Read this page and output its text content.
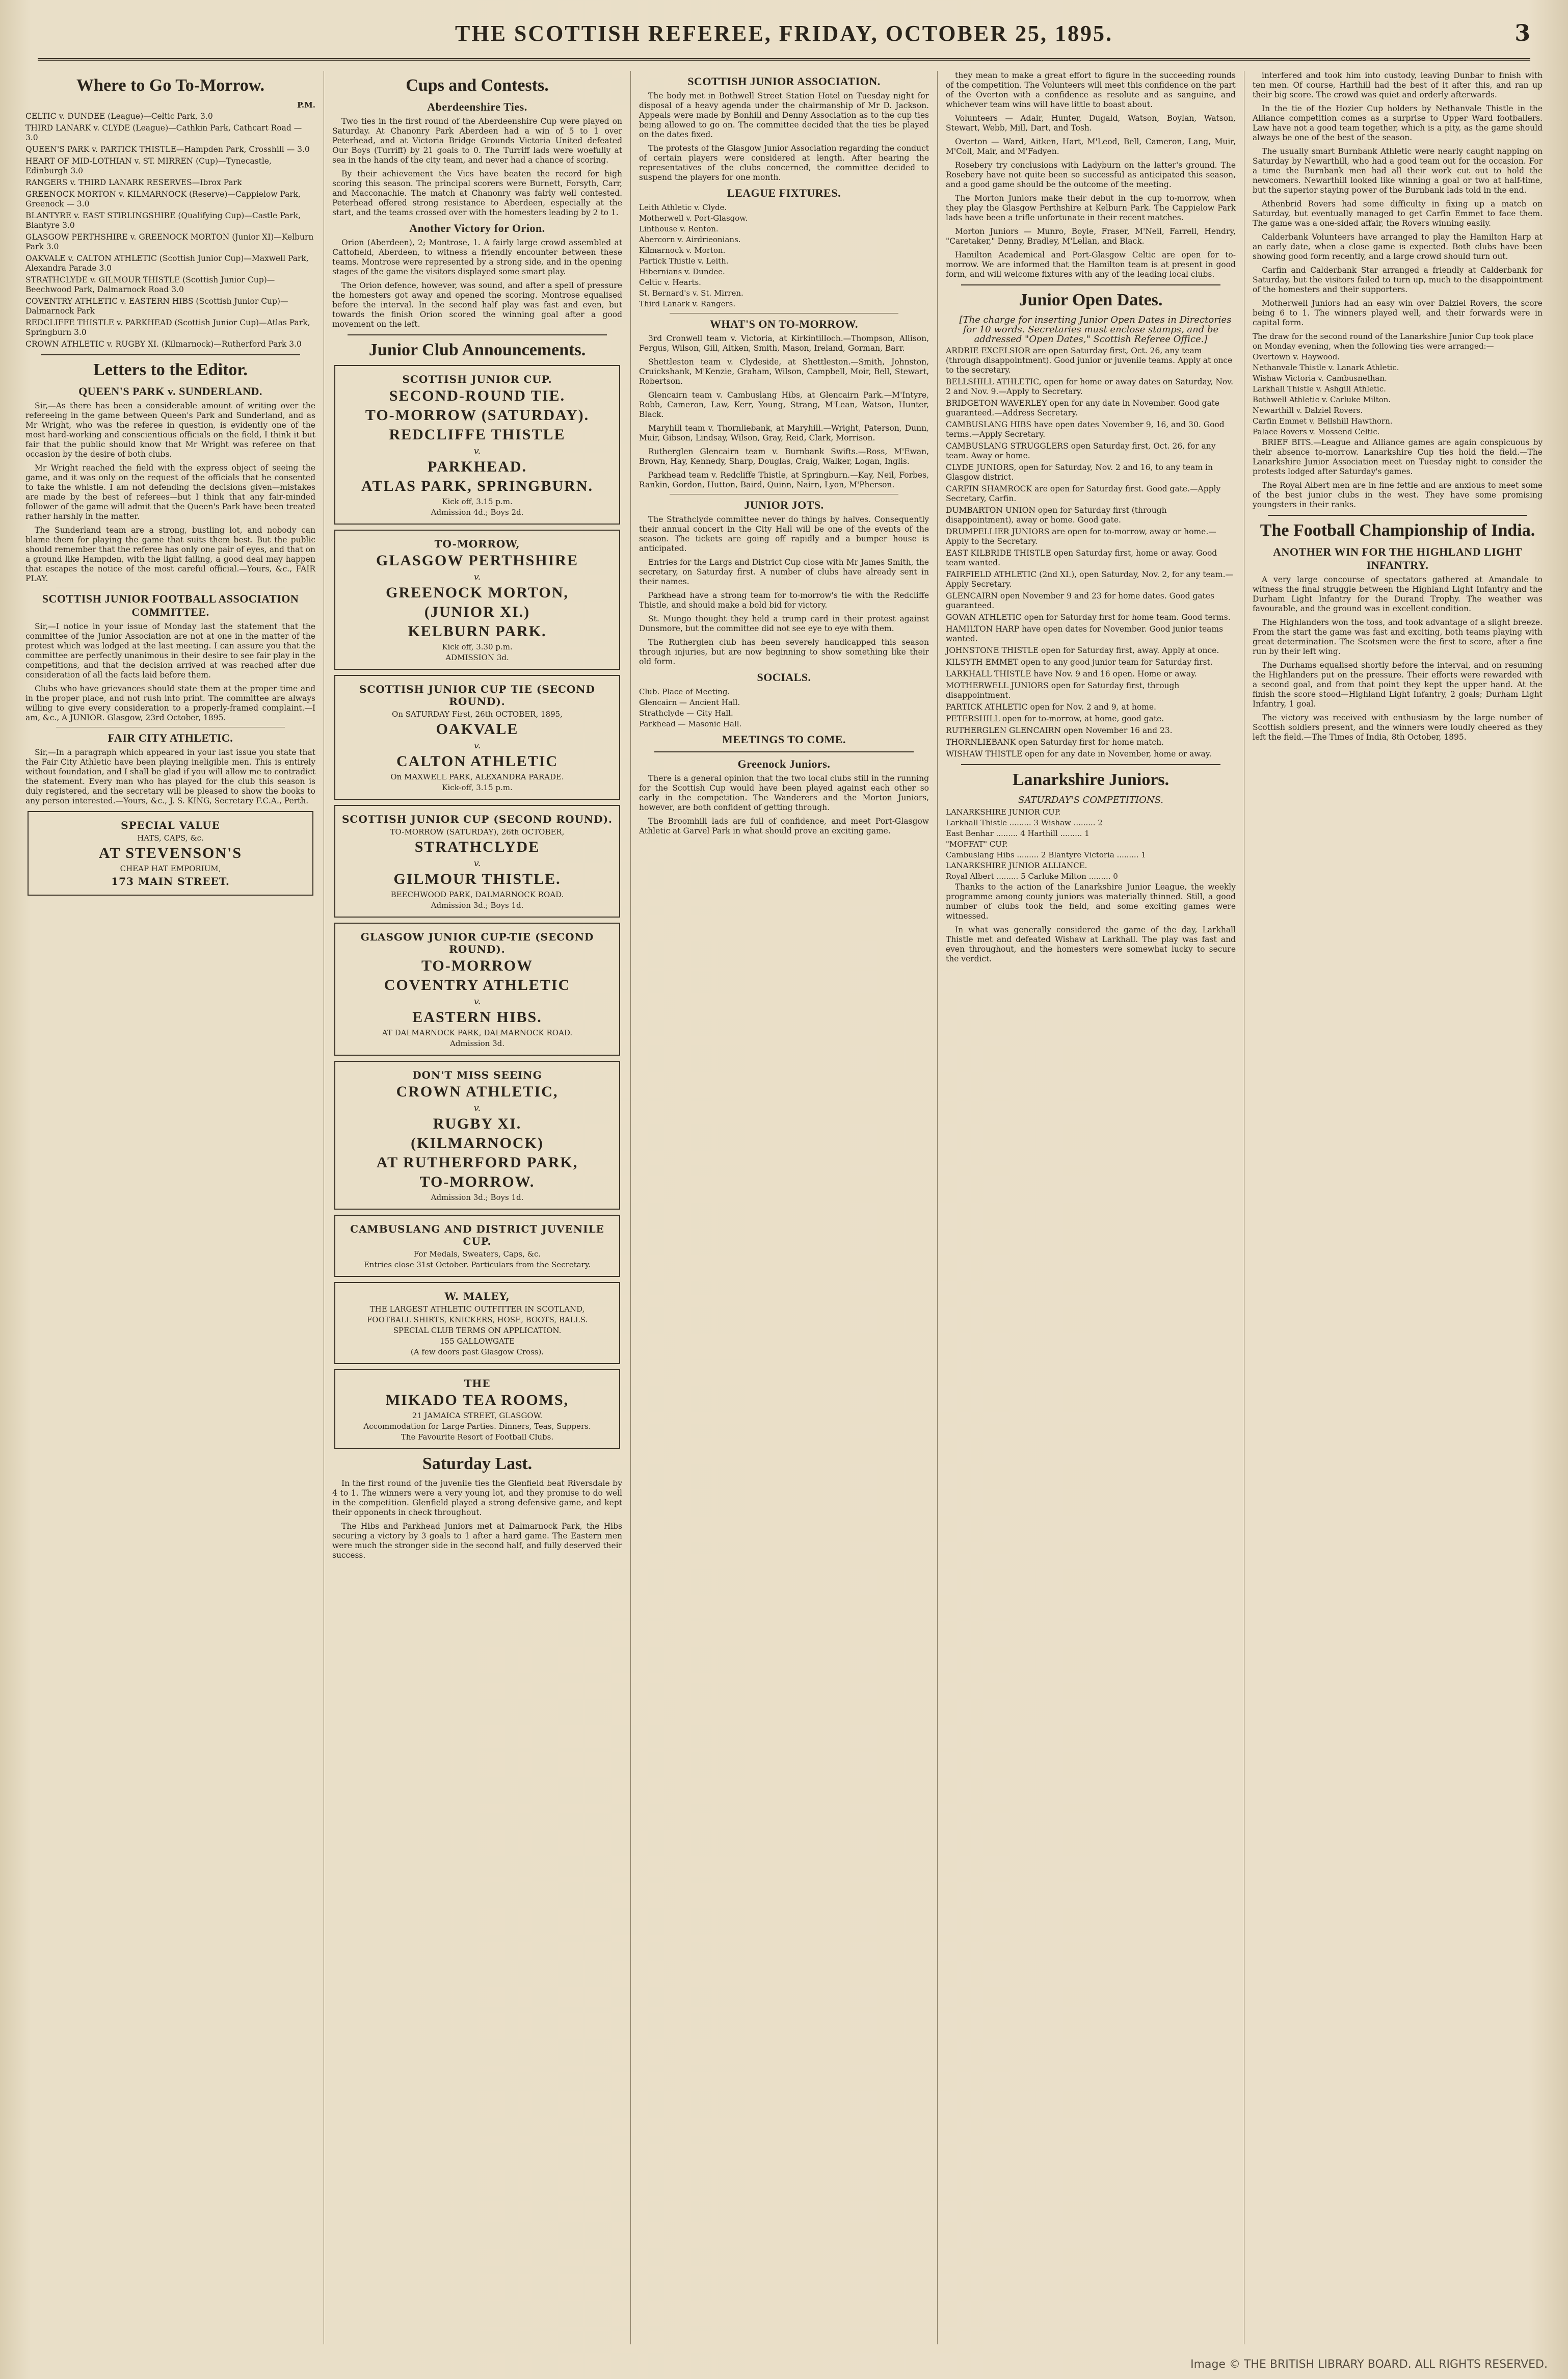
THE SCOTTISH REFEREE, FRIDAY, OCTOBER 25, 1895.	3
Where to Go To-Morrow.
P.M.
CELTIC v. DUNDEE (League)—Celtic Park, 3.0
THIRD LANARK v. CLYDE (League)—Cathkin Park, Cathcart Road — 3.0
QUEEN'S PARK v. PARTICK THISTLE—Hampden Park, Crosshill — 3.0
HEART OF MID-LOTHIAN v. ST. MIRREN (Cup)—Tynecastle, Edinburgh 3.0
RANGERS v. THIRD LANARK RESERVES—Ibrox Park
GREENOCK MORTON v. KILMARNOCK (Reserve)—Cappielow Park, Greenock — 3.0
BLANTYRE v. EAST STIRLINGSHIRE (Qualifying Cup)—Castle Park, Blantyre 3.0
GLASGOW PERTHSHIRE v. GREENOCK MORTON (Junior XI)—Kelburn Park 3.0
OAKVALE v. CALTON ATHLETIC (Scottish Junior Cup)—Maxwell Park, Alexandra Parade 3.0
STRATHCLYDE v. GILMOUR THISTLE (Scottish Junior Cup)—Beechwood Park, Dalmarnock Road 3.0
COVENTRY ATHLETIC v. EASTERN HIBS (Scottish Junior Cup)—Dalmarnock Park
REDCLIFFE THISTLE v. PARKHEAD (Scottish Junior Cup)—Atlas Park, Springburn 3.0
CROWN ATHLETIC v. RUGBY XI. (Kilmarnock)—Rutherford Park 3.0
Letters to the Editor.
QUEEN'S PARK v. SUNDERLAND.

Sir,—As there has been a considerable amount of writing over the refereeing in the game between Queen's Park and Sunderland, and as Mr Wright, who was the referee in question, is evidently one of the most hard-working and conscientious officials on the field, I think it but fair that the public should know that Mr Wright was referee on that occasion by the desire of both clubs.

Mr Wright reached the field with the express object of seeing the game, and it was only on the request of the officials that he consented to take the whistle. I am not defending the decisions given—mistakes are made by the best of referees—but I think that any fair-minded follower of the game will admit that the Queen's Park have been treated rather harshly in the matter.

The Sunderland team are a strong, bustling lot, and nobody can blame them for playing the game that suits them best. But the public should remember that the referee has only one pair of eyes, and that on a ground like Hampden, with the light failing, a good deal may happen that escapes the notice of the most careful official.—Yours, &c., FAIR PLAY.

SCOTTISH JUNIOR FOOTBALL ASSOCIATION COMMITTEE.

Sir,—I notice in your issue of Monday last the statement that the committee of the Junior Association are not at one in the matter of the protest which was lodged at the last meeting. I can assure you that the committee are perfectly unanimous in their desire to see fair play in the competitions, and that the decision arrived at was reached after due consideration of all the facts laid before them.

Clubs who have grievances should state them at the proper time and in the proper place, and not rush into print. The committee are always willing to give every consideration to a properly-framed complaint.—I am, &c., A JUNIOR. Glasgow, 23rd October, 1895.

FAIR CITY ATHLETIC.

Sir,—In a paragraph which appeared in your last issue you state that the Fair City Athletic have been playing ineligible men. This is entirely without foundation, and I shall be glad if you will allow me to contradict the statement. Every man who has played for the club this season is duly registered, and the secretary will be pleased to show the books to any person interested.—Yours, &c., J. S. KING, Secretary F.C.A., Perth.

SPECIAL VALUE
HATS, CAPS, &c.
AT STEVENSON'S
CHEAP HAT EMPORIUM,
173 MAIN STREET.
Cups and Contests.
Aberdeenshire Ties.

Two ties in the first round of the Aberdeenshire Cup were played on Saturday. At Chanonry Park Aberdeen had a win of 5 to 1 over Peterhead, and at Victoria Bridge Grounds Victoria United defeated Our Boys (Turriff) by 21 goals to 0. The Turriff lads were woefully at sea in the hands of the city team, and never had a chance of scoring.

By their achievement the Vics have beaten the record for high scoring this season. The principal scorers were Burnett, Forsyth, Carr, and Macconachie. The match at Chanonry was fairly well contested. Peterhead offered strong resistance to Aberdeen, especially at the start, and the teams crossed over with the homesters leading by 2 to 1.

Another Victory for Orion.

Orion (Aberdeen), 2; Montrose, 1. A fairly large crowd assembled at Cattofield, Aberdeen, to witness a friendly encounter between these teams. Montrose were represented by a strong side, and in the opening stages of the game the visitors displayed some smart play.

The Orion defence, however, was sound, and after a spell of pressure the homesters got away and opened the scoring. Montrose equalised before the interval. In the second half play was fast and even, but towards the finish Orion scored the winning goal after a good movement on the left.

Junior Club Announcements.
SCOTTISH JUNIOR CUP.
SECOND-ROUND TIE.
TO-MORROW (SATURDAY).
REDCLIFFE THISTLE
v.
PARKHEAD.
ATLAS PARK, SPRINGBURN.
Kick off, 3.15 p.m.
Admission 4d.; Boys 2d.
TO-MORROW,
GLASGOW PERTHSHIRE
v.
GREENOCK MORTON,
(JUNIOR XI.)
KELBURN PARK.
Kick off, 3.30 p.m.
ADMISSION 3d.
SCOTTISH JUNIOR CUP TIE (SECOND ROUND).
On SATURDAY First, 26th OCTOBER, 1895,
OAKVALE
v.
CALTON ATHLETIC
On MAXWELL PARK, ALEXANDRA PARADE.
Kick-off, 3.15 p.m.
SCOTTISH JUNIOR CUP (SECOND ROUND).
TO-MORROW (SATURDAY), 26th OCTOBER,
STRATHCLYDE
v.
GILMOUR THISTLE.
BEECHWOOD PARK, DALMARNOCK ROAD.
Admission 3d.; Boys 1d.
GLASGOW JUNIOR CUP-TIE (SECOND ROUND).
TO-MORROW
COVENTRY ATHLETIC
v.
EASTERN HIBS.
AT DALMARNOCK PARK, DALMARNOCK ROAD.
Admission 3d.
DON'T MISS SEEING
CROWN ATHLETIC,
v.
RUGBY XI.
(KILMARNOCK)
AT RUTHERFORD PARK,
TO-MORROW.
Admission 3d.; Boys 1d.
CAMBUSLANG AND DISTRICT JUVENILE CUP.
For Medals, Sweaters, Caps, &c.
Entries close 31st October. Particulars from the Secretary.
W. MALEY,
THE LARGEST ATHLETIC OUTFITTER IN SCOTLAND,
FOOTBALL SHIRTS, KNICKERS, HOSE, BOOTS, BALLS.
SPECIAL CLUB TERMS ON APPLICATION.
155 GALLOWGATE
(A few doors past Glasgow Cross).
THE
MIKADO TEA ROOMS,
21 JAMAICA STREET, GLASGOW.
Accommodation for Large Parties. Dinners, Teas, Suppers.
The Favourite Resort of Football Clubs.
Saturday Last.

In the first round of the juvenile ties the Glenfield beat Riversdale by 4 to 1. The winners were a very young lot, and they promise to do well in the competition. Glenfield played a strong defensive game, and kept their opponents in check throughout.

The Hibs and Parkhead Juniors met at Dalmarnock Park, the Hibs securing a victory by 3 goals to 1 after a hard game. The Eastern men were much the stronger side in the second half, and fully deserved their success.

SCOTTISH JUNIOR ASSOCIATION.

The body met in Bothwell Street Station Hotel on Tuesday night for disposal of a heavy agenda under the chairmanship of Mr D. Jackson. Appeals were made by Bonhill and Denny Association as to the cup ties being allowed to go on. The committee decided that the ties be played on the dates fixed.

The protests of the Glasgow Junior Association regarding the conduct of certain players were considered at length. After hearing the representatives of the clubs concerned, the committee decided to suspend the players for one month.

LEAGUE FIXTURES.
Leith Athletic v. Clyde.
Motherwell v. Port-Glasgow.
Linthouse v. Renton.
Abercorn v. Airdrieonians.
Kilmarnock v. Morton.
Partick Thistle v. Leith.
Hibernians v. Dundee.
Celtic v. Hearts.
St. Bernard's v. St. Mirren.
Third Lanark v. Rangers.
WHAT'S ON TO-MORROW.

3rd Cronwell team v. Victoria, at Kirkintilloch.—Thompson, Allison, Fergus, Wilson, Gill, Aitken, Smith, Mason, Ireland, Gorman, Barr.

Shettleston team v. Clydeside, at Shettleston.—Smith, Johnston, Cruickshank, M'Kenzie, Graham, Wilson, Campbell, Moir, Bell, Stewart, Robertson.

Glencairn team v. Cambuslang Hibs, at Glencairn Park.—M'Intyre, Robb, Cameron, Law, Kerr, Young, Strang, M'Lean, Watson, Hunter, Black.

Maryhill team v. Thornliebank, at Maryhill.—Wright, Paterson, Dunn, Muir, Gibson, Lindsay, Wilson, Gray, Reid, Clark, Morrison.

Rutherglen Glencairn team v. Burnbank Swifts.—Ross, M'Ewan, Brown, Hay, Kennedy, Sharp, Douglas, Craig, Walker, Logan, Inglis.

Parkhead team v. Redcliffe Thistle, at Springburn.—Kay, Neil, Forbes, Rankin, Gordon, Hutton, Baird, Quinn, Nairn, Lyon, M'Pherson.

JUNIOR JOTS.

The Strathclyde committee never do things by halves. Consequently their annual concert in the City Hall will be one of the events of the season. The tickets are going off rapidly and a bumper house is anticipated.

Entries for the Largs and District Cup close with Mr James Smith, the secretary, on Saturday first. A number of clubs have already sent in their names.

Parkhead have a strong team for to-morrow's tie with the Redcliffe Thistle, and should make a bold bid for victory.

St. Mungo thought they held a trump card in their protest against Dunsmore, but the committee did not see eye to eye with them.

The Rutherglen club has been severely handicapped this season through injuries, but are now beginning to show something like their old form.

SOCIALS.
Club. Place of Meeting.
Glencairn — Ancient Hall.
Strathclyde — City Hall.
Parkhead — Masonic Hall.
MEETINGS TO COME.
Greenock Juniors.

There is a general opinion that the two local clubs still in the running for the Scottish Cup would have been played against each other so early in the competition. The Wanderers and the Morton Juniors, however, are both confident of getting through.

The Broomhill lads are full of confidence, and meet Port-Glasgow Athletic at Garvel Park in what should prove an exciting game.

they mean to make a great effort to figure in the succeeding rounds of the competition. The Volunteers will meet this confidence on the part of the Overton with a confidence as resolute and as sanguine, and whichever team wins will have little to boast about.

Volunteers — Adair, Hunter, Dugald, Watson, Boylan, Watson, Stewart, Webb, Mill, Dart, and Tosh.

Overton — Ward, Aitken, Hart, M'Leod, Bell, Cameron, Lang, Muir, M'Coll, Mair, and M'Fadyen.

Rosebery try conclusions with Ladyburn on the latter's ground. The Rosebery have not quite been so successful as anticipated this season, and a good game should be the outcome of the meeting.

The Morton Juniors make their debut in the cup to-morrow, when they play the Glasgow Perthshire at Kelburn Park. The Cappielow Park lads have been a trifle unfortunate in their recent matches.

Morton Juniors — Munro, Boyle, Fraser, M'Neil, Farrell, Hendry, "Caretaker," Denny, Bradley, M'Lellan, and Black.

Hamilton Academical and Port-Glasgow Celtic are open for to-morrow. We are informed that the Hamilton team is at present in good form, and will welcome fixtures with any of the leading local clubs.

Junior Open Dates.

[The charge for inserting Junior Open Dates in Directories for 10 words. Secretaries must enclose stamps, and be addressed "Open Dates," Scottish Referee Office.]

ARDRIE EXCELSIOR are open Saturday first, Oct. 26, any team (through disappointment). Good junior or juvenile teams. Apply at once to the secretary.
BELLSHILL ATHLETIC, open for home or away dates on Saturday, Nov. 2 and Nov. 9.—Apply to Secretary.
BRIDGETON WAVERLEY open for any date in November. Good gate guaranteed.—Address Secretary.
CAMBUSLANG HIBS have open dates November 9, 16, and 30. Good terms.—Apply Secretary.
CAMBUSLANG STRUGGLERS open Saturday first, Oct. 26, for any team. Away or home.
CLYDE JUNIORS, open for Saturday, Nov. 2 and 16, to any team in Glasgow district.
CARFIN SHAMROCK are open for Saturday first. Good gate.—Apply Secretary, Carfin.
DUMBARTON UNION open for Saturday first (through disappointment), away or home. Good gate.
DRUMPELLIER JUNIORS are open for to-morrow, away or home.—Apply to the Secretary.
EAST KILBRIDE THISTLE open Saturday first, home or away. Good team wanted.
FAIRFIELD ATHLETIC (2nd XI.), open Saturday, Nov. 2, for any team.—Apply Secretary.
GLENCAIRN open November 9 and 23 for home dates. Good gates guaranteed.
GOVAN ATHLETIC open for Saturday first for home team. Good terms.
HAMILTON HARP have open dates for November. Good junior teams wanted.
JOHNSTONE THISTLE open for Saturday first, away. Apply at once.
KILSYTH EMMET open to any good junior team for Saturday first.
LARKHALL THISTLE have Nov. 9 and 16 open. Home or away.
MOTHERWELL JUNIORS open for Saturday first, through disappointment.
PARTICK ATHLETIC open for Nov. 2 and 9, at home.
PETERSHILL open for to-morrow, at home, good gate.
RUTHERGLEN GLENCAIRN open November 16 and 23.
THORNLIEBANK open Saturday first for home match.
WISHAW THISTLE open for any date in November, home or away.
Lanarkshire Juniors.
SATURDAY'S COMPETITIONS.
LANARKSHIRE JUNIOR CUP.
Larkhall Thistle ......... 3 Wishaw ......... 2
East Benhar ......... 4 Harthill ......... 1
"MOFFAT" CUP.
Cambuslang Hibs ......... 2 Blantyre Victoria ......... 1
LANARKSHIRE JUNIOR ALLIANCE.
Royal Albert ......... 5 Carluke Milton ......... 0

Thanks to the action of the Lanarkshire Junior League, the weekly programme among county juniors was materially thinned. Still, a good number of clubs took the field, and some exciting games were witnessed.

In what was generally considered the game of the day, Larkhall Thistle met and defeated Wishaw at Larkhall. The play was fast and even throughout, and the homesters were somewhat lucky to secure the verdict.

interfered and took him into custody, leaving Dunbar to finish with ten men. Of course, Harthill had the best of it after this, and ran up their big score. The crowd was quiet and orderly afterwards.

In the tie of the Hozier Cup holders by Nethanvale Thistle in the Alliance competition comes as a surprise to Upper Ward footballers. Law have not a good team together, which is a pity, as the game should always be one of the best of the season.

The usually smart Burnbank Athletic were nearly caught napping on Saturday by Newarthill, who had a good team out for the occasion. For a time the Burnbank men had all their work cut out to hold the newcomers. Newarthill looked like winning a goal or two at half-time, but the superior staying power of the Burnbank lads told in the end.

Athenbrid Rovers had some difficulty in fixing up a match on Saturday, but eventually managed to get Carfin Emmet to face them. The game was a one-sided affair, the Rovers winning easily.

Calderbank Volunteers have arranged to play the Hamilton Harp at an early date, when a close game is expected. Both clubs have been showing good form recently, and a large crowd should turn out.

Carfin and Calderbank Star arranged a friendly at Calderbank for Saturday, but the visitors failed to turn up, much to the disappointment of the homesters and their supporters.

Motherwell Juniors had an easy win over Dalziel Rovers, the score being 6 to 1. The winners played well, and their forwards were in capital form.

The draw for the second round of the Lanarkshire Junior Cup took place on Monday evening, when the following ties were arranged:—
Overtown v. Haywood.
Nethanvale Thistle v. Lanark Athletic.
Wishaw Victoria v. Cambusnethan.
Larkhall Thistle v. Ashgill Athletic.
Bothwell Athletic v. Carluke Milton.
Newarthill v. Dalziel Rovers.
Carfin Emmet v. Bellshill Hawthorn.
Palace Rovers v. Mossend Celtic.

BRIEF BITS.—League and Alliance games are again conspicuous by their absence to-morrow. Lanarkshire Cup ties hold the field.—The Lanarkshire Junior Association meet on Tuesday night to consider the protests lodged after Saturday's games.

The Royal Albert men are in fine fettle and are anxious to meet some of the best junior clubs in the west. They have some promising youngsters in their ranks.

The Football Championship of India.
ANOTHER WIN FOR THE HIGHLAND LIGHT INFANTRY.

A very large concourse of spectators gathered at Amandale to witness the final struggle between the Highland Light Infantry and the Durham Light Infantry for the Durand Trophy. The weather was favourable, and the ground was in excellent condition.

The Highlanders won the toss, and took advantage of a slight breeze. From the start the game was fast and exciting, both teams playing with great determination. The Scotsmen were the first to score, after a fine run by their left wing.

The Durhams equalised shortly before the interval, and on resuming the Highlanders put on the pressure. Their efforts were rewarded with a second goal, and from that point they kept the upper hand. At the finish the score stood—Highland Light Infantry, 2 goals; Durham Light Infantry, 1 goal.

The victory was received with enthusiasm by the large number of Scottish soldiers present, and the winners were loudly cheered as they left the field.—The Times of India, 8th October, 1895.

Image © THE BRITISH LIBRARY BOARD. ALL RIGHTS RESERVED.
